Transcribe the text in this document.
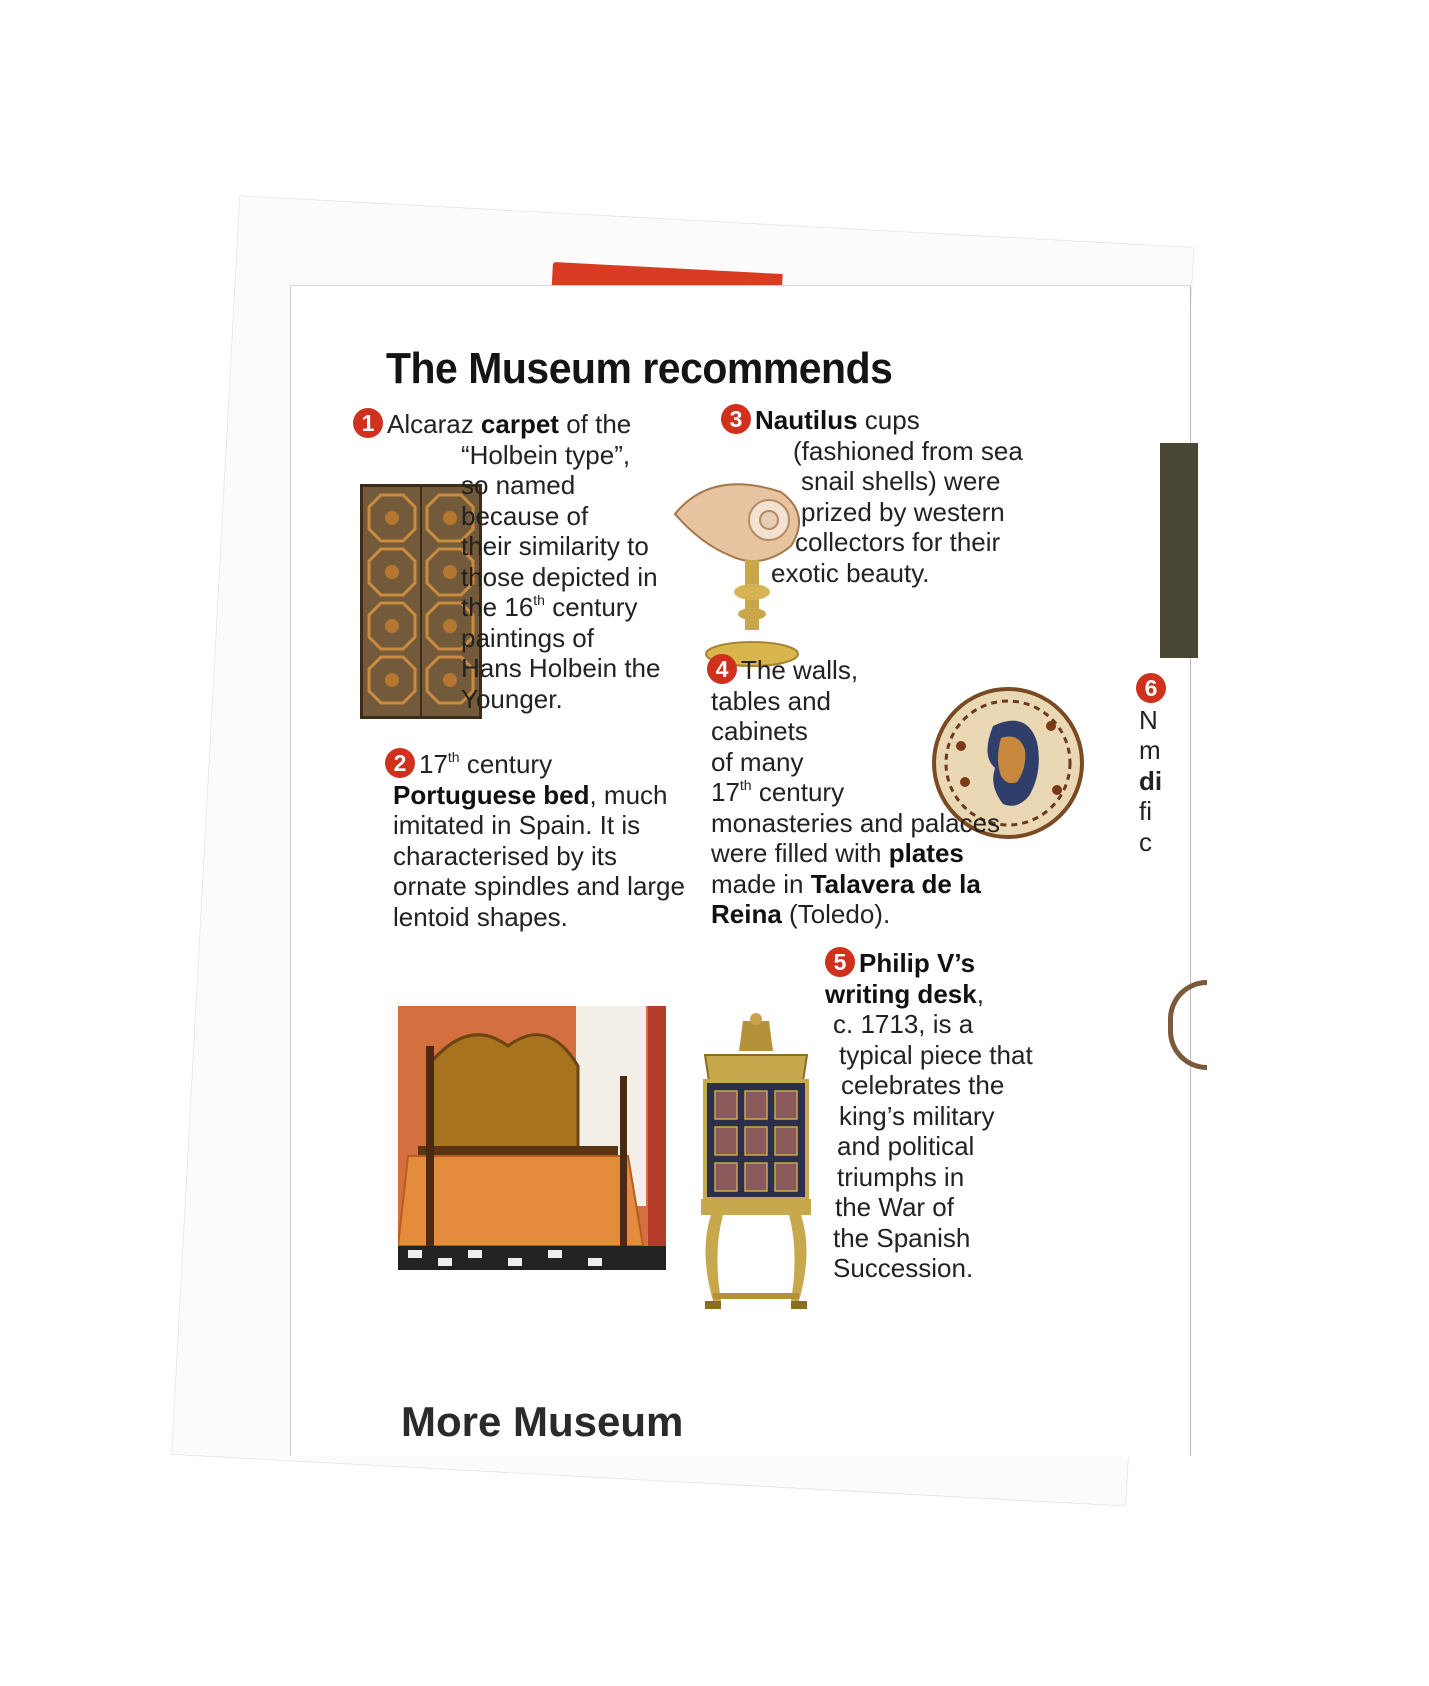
The Museum recommends
1 Alcaraz carpet of the
“Holbein type”,
so named
because of
their similarity to
those depicted in
the 16th century
paintings of
Hans Holbein the
Younger.
2 17th century
Portuguese bed, much
imitated in Spain. It is
characterised by its
ornate spindles and large
lentoid shapes.
3 Nautilus cups
(fashioned from sea
snail shells) were
prized by western
collectors for their
exotic beauty.
4 The walls,
tables and
cabinets
of many
17th century
monasteries and palaces
were filled with plates
made in Talavera de la
Reina (Toledo).
5 Philip V’s
writing desk,
c. 1713, is a
typical piece that
celebrates the
king’s military
and political
triumphs in
the War of
the Spanish
Succession.
More Museum
6
N
m
di
fi
c
